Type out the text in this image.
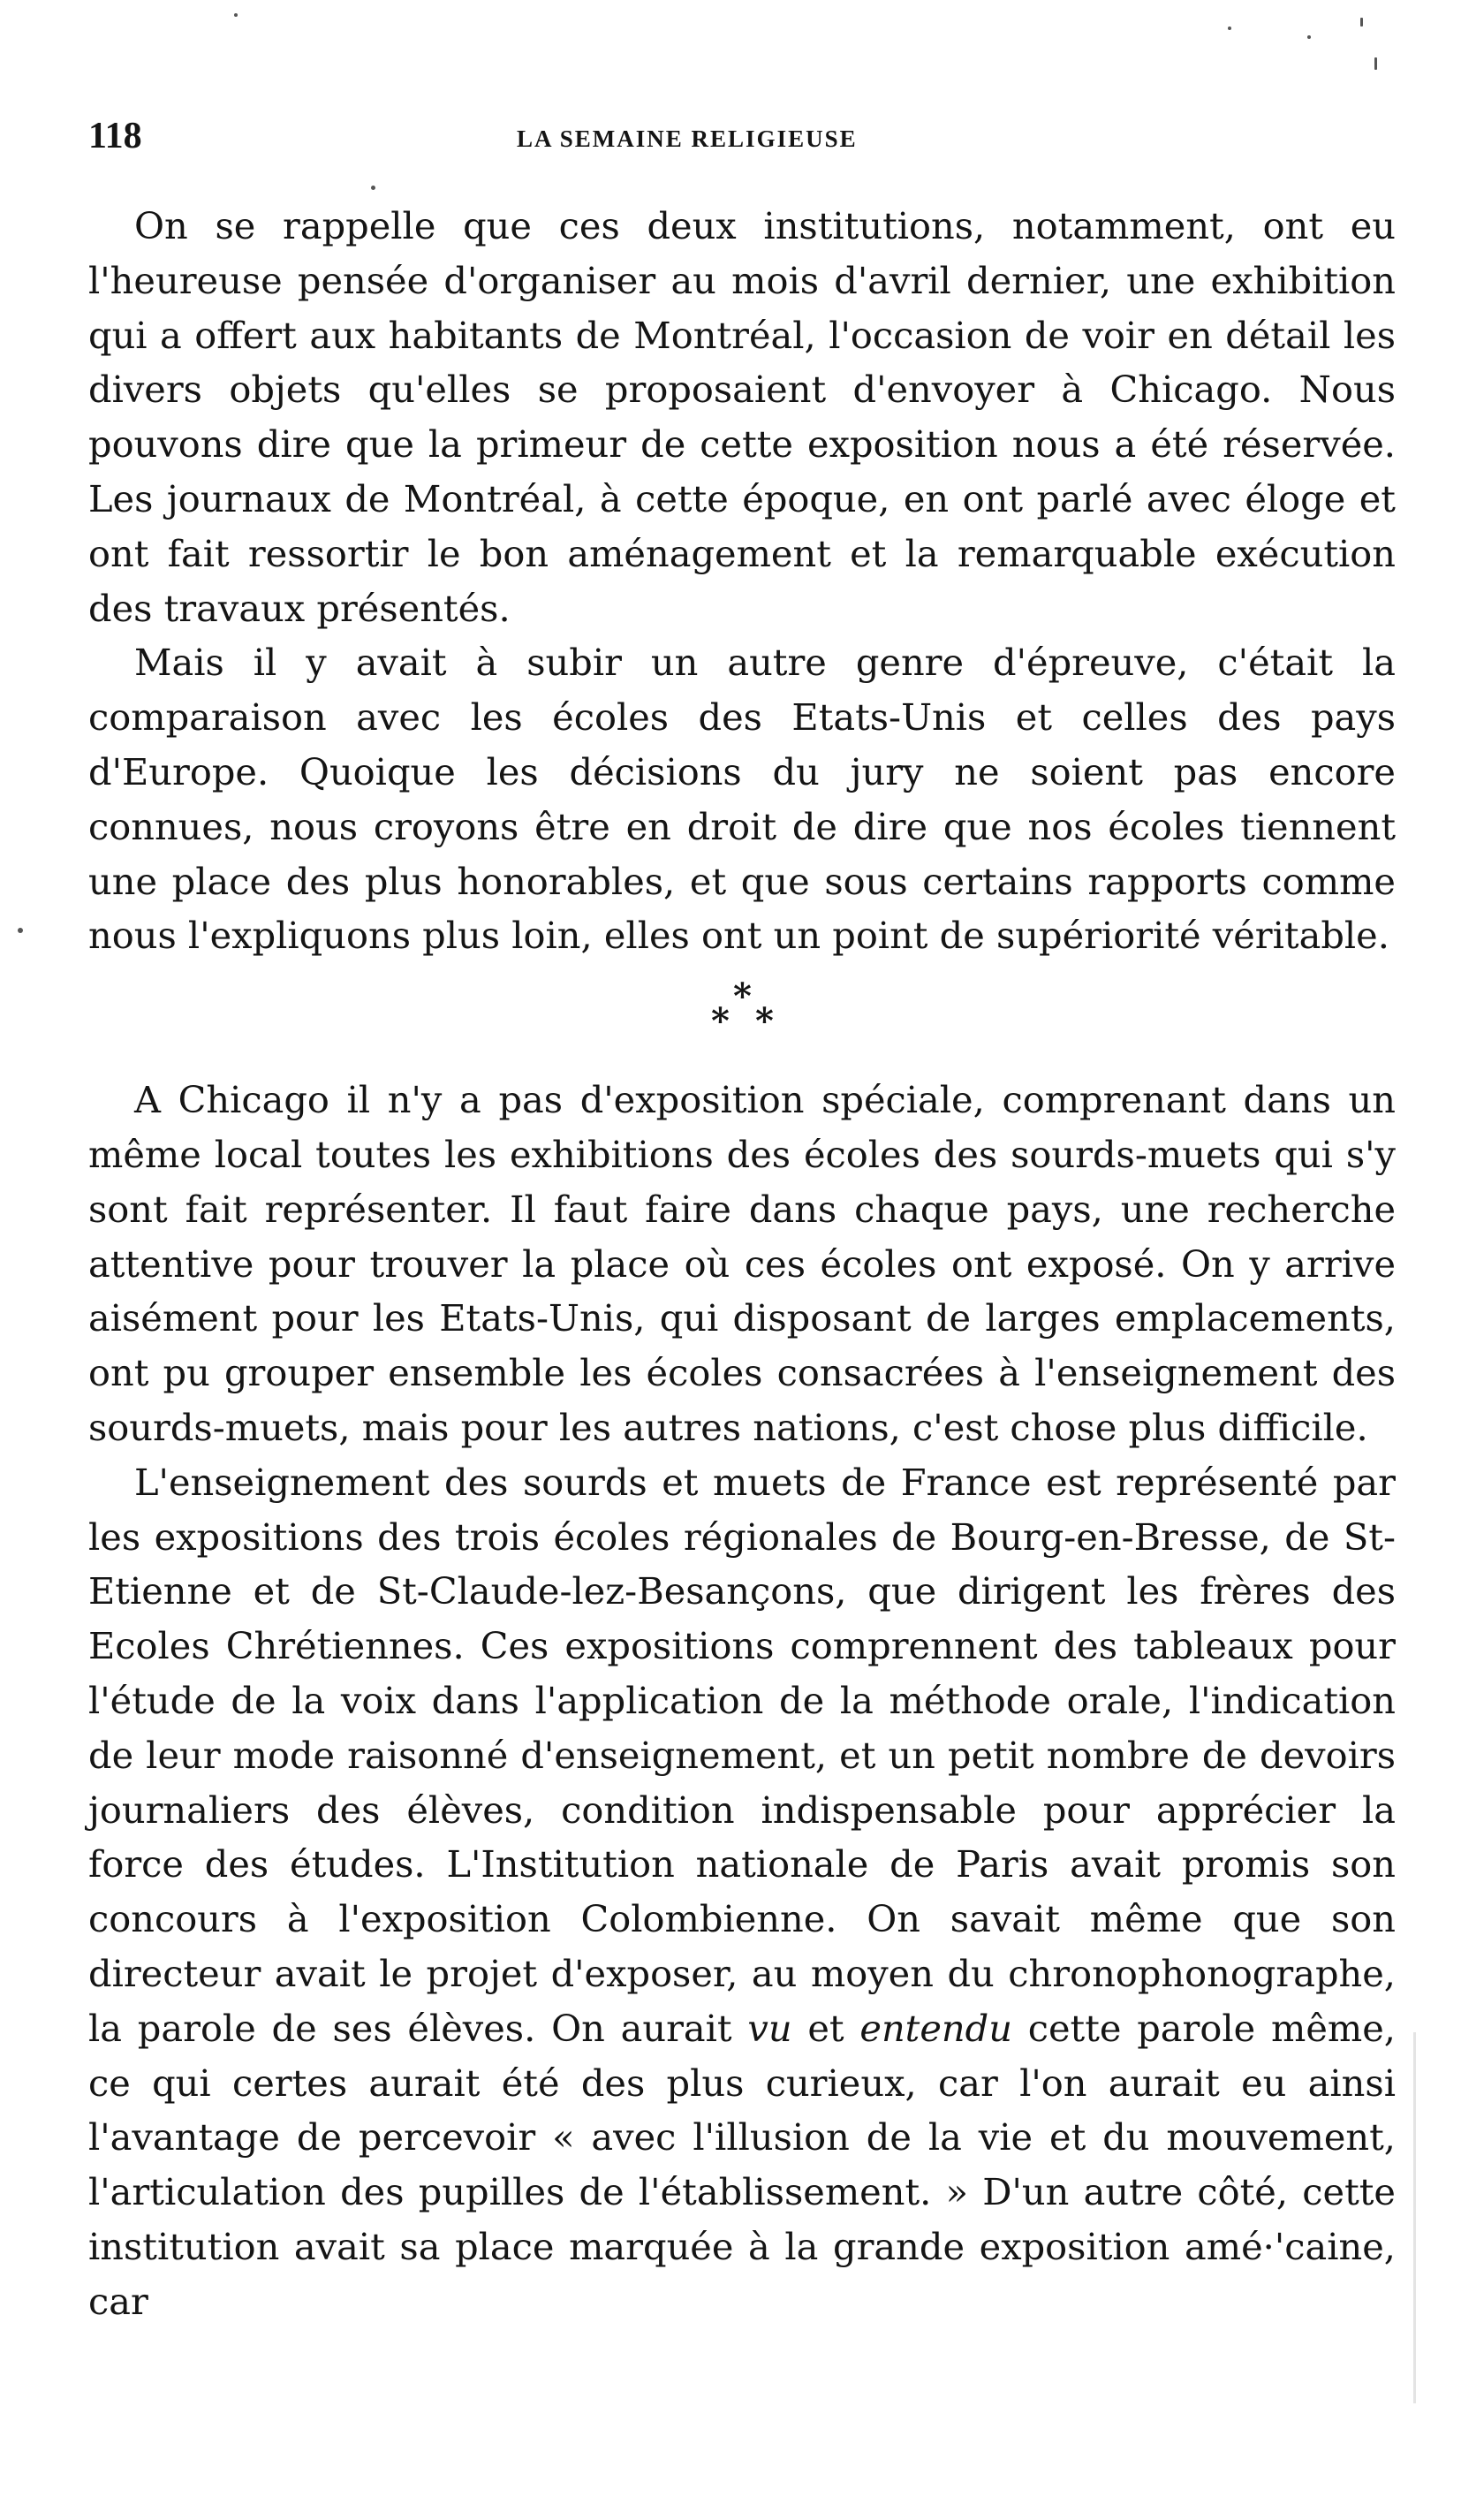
118	LA SEMAINE RELIGIEUSE

On se rappelle que ces deux institutions, notamment, ont eu l'heureuse pensée d'organiser au mois d'avril dernier, une exhibition qui a offert aux habitants de Montréal, l'occasion de voir en détail les divers objets qu'elles se proposaient d'envoyer à Chicago. Nous pouvons dire que la primeur de cette exposition nous a été réservée. Les journaux de Montréal, à cette époque, en ont parlé avec éloge et ont fait ressortir le bon aménagement et la remarquable exécution des travaux présentés.

Mais il y avait à subir un autre genre d'épreuve, c'était la comparaison avec les écoles des Etats-Unis et celles des pays d'Europe. Quoique les décisions du jury ne soient pas encore connues, nous croyons être en droit de dire que nos écoles tiennent une place des plus honorables, et que sous certains rapports comme nous l'expliquons plus loin, elles ont un point de supériorité véritable.

*
* *

A Chicago il n'y a pas d'exposition spéciale, comprenant dans un même local toutes les exhibitions des écoles des sourds-muets qui s'y sont fait représenter. Il faut faire dans chaque pays, une recherche attentive pour trouver la place où ces écoles ont exposé. On y arrive aisément pour les Etats-Unis, qui disposant de larges emplacements, ont pu grouper ensemble les écoles consacrées à l'enseignement des sourds-muets, mais pour les autres nations, c'est chose plus difficile.

L'enseignement des sourds et muets de France est représenté par les expositions des trois écoles régionales de Bourg-en-Bresse, de St-Etienne et de St-Claude-lez-Besançons, que dirigent les frères des Ecoles Chrétiennes. Ces expositions comprennent des tableaux pour l'étude de la voix dans l'application de la méthode orale, l'indication de leur mode raisonné d'enseignement, et un petit nombre de devoirs journaliers des élèves, condition indispensable pour apprécier la force des études. L'Institution nationale de Paris avait promis son concours à l'exposition Colombienne. On savait même que son directeur avait le projet d'exposer, au moyen du chronophonographe, la parole de ses élèves. On aurait vu et entendu cette parole même, ce qui certes aurait été des plus curieux, car l'on aurait eu ainsi l'avantage de percevoir « avec l'illusion de la vie et du mouvement, l'articulation des pupilles de l'établissement. » D'un autre côté, cette institution avait sa place marquée à la grande exposition amé·'caine, car
